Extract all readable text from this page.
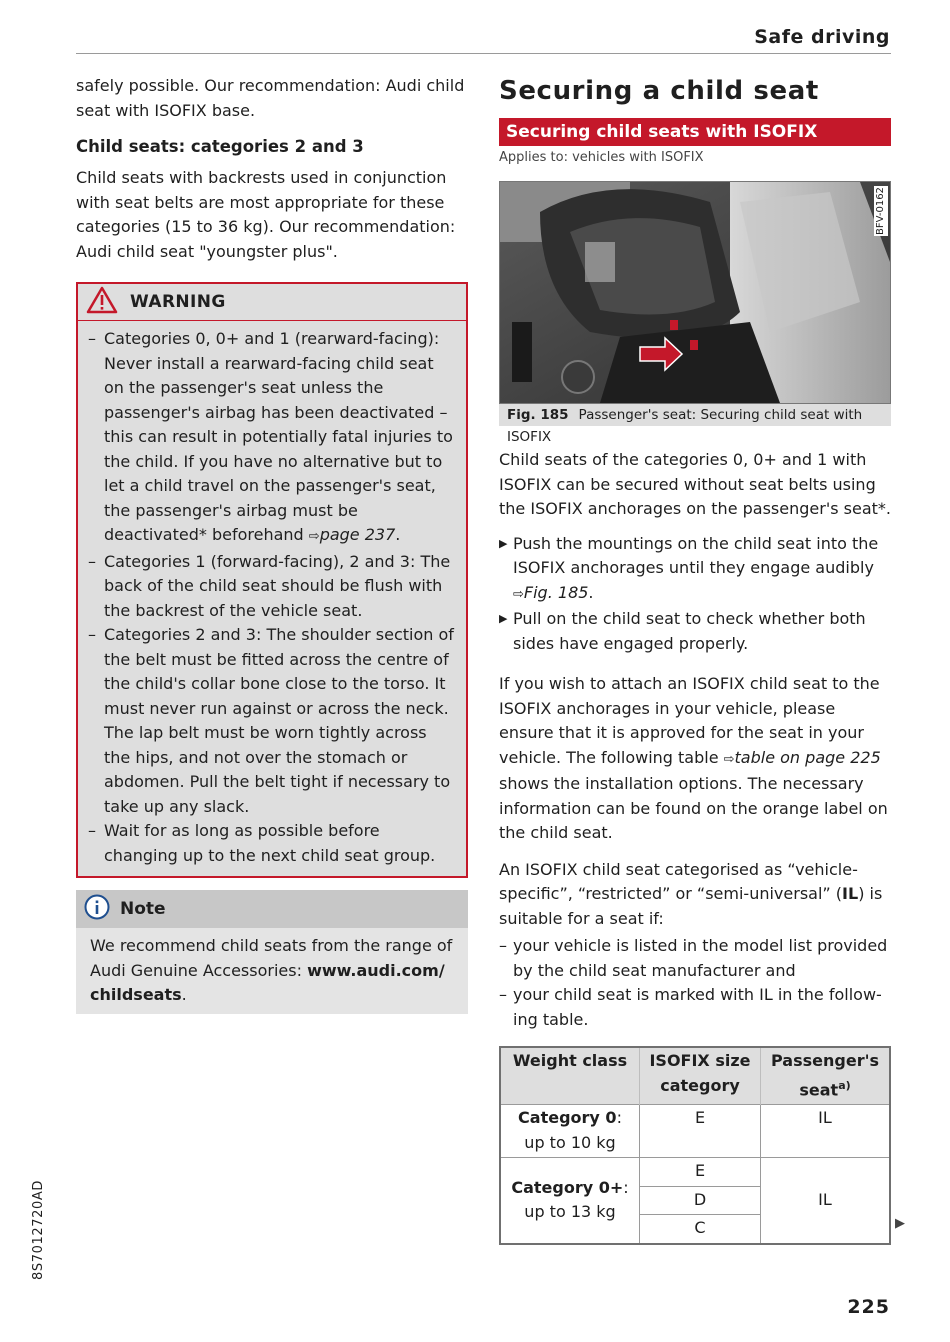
Safe driving

safely possible. Our recommendation: Audi child seat with ISOFIX base.

Child seats: categories 2 and 3

Child seats with backrests used in conjunction with seat belts are most appropriate for these categories (15 to 36 kg). Our recommendation: Audi child seat "youngster plus".

WARNING
– Categories 0, 0+ and 1 (rearward-facing): Never install a rearward-facing child seat on the passenger's seat unless the passenger's airbag has been deactivated – this can result in potentially fatal injuries to the child. If you have no alternative but to let a child travel on the passenger's seat, the passenger's airbag must be deactivated* beforehand ⇨page 237.
– Categories 1 (forward-facing), 2 and 3: The back of the child seat should be flush with the backrest of the vehicle seat.
– Categories 2 and 3: The shoulder section of the belt must be fitted across the centre of the child's collar bone close to the torso. It must never run against or across the neck. The lap belt must be worn tightly across the hips, and not over the stomach or abdomen. Pull the belt tight if necessary to take up any slack.
– Wait for as long as possible before changing up to the next child seat group.
Note
We recommend child seats from the range of Audi Genuine Accessories: www.audi.com/ childseats.
Securing a child seat
Securing child seats with ISOFIX
Applies to: vehicles with ISOFIX
BFV-0162
Fig. 185 Passenger's seat: Securing child seat with ISOFIX

Child seats of the categories 0, 0+ and 1 with ISOFIX can be secured without seat belts using the ISOFIX anchorages on the passenger's seat*.

▶ Push the mountings on the child seat into the ISOFIX anchorages until they engage audibly ⇨Fig. 185.
▶ Pull on the child seat to check whether both sides have engaged properly.

If you wish to attach an ISOFIX child seat to the ISOFIX anchorages in your vehicle, please ensure that it is approved for the seat in your vehicle. The following table ⇨table on page 225 shows the installation options. The necessary information can be found on the orange label on the child seat.

An ISOFIX child seat categorised as “vehicle-specific”, “restricted” or “semi-universal” (IL) is suitable for a seat if:

– your vehicle is listed in the model list provided by the child seat manufacturer and
– your child seat is marked with IL in the following table.
Weight class	ISOFIX size category	Passenger's seat$^{a)}$
Category 0:
up to 10 kg	E	IL
Category 0+:
up to 13 kg	E	IL
	D	
	C		▶
8S7012720AD
225
